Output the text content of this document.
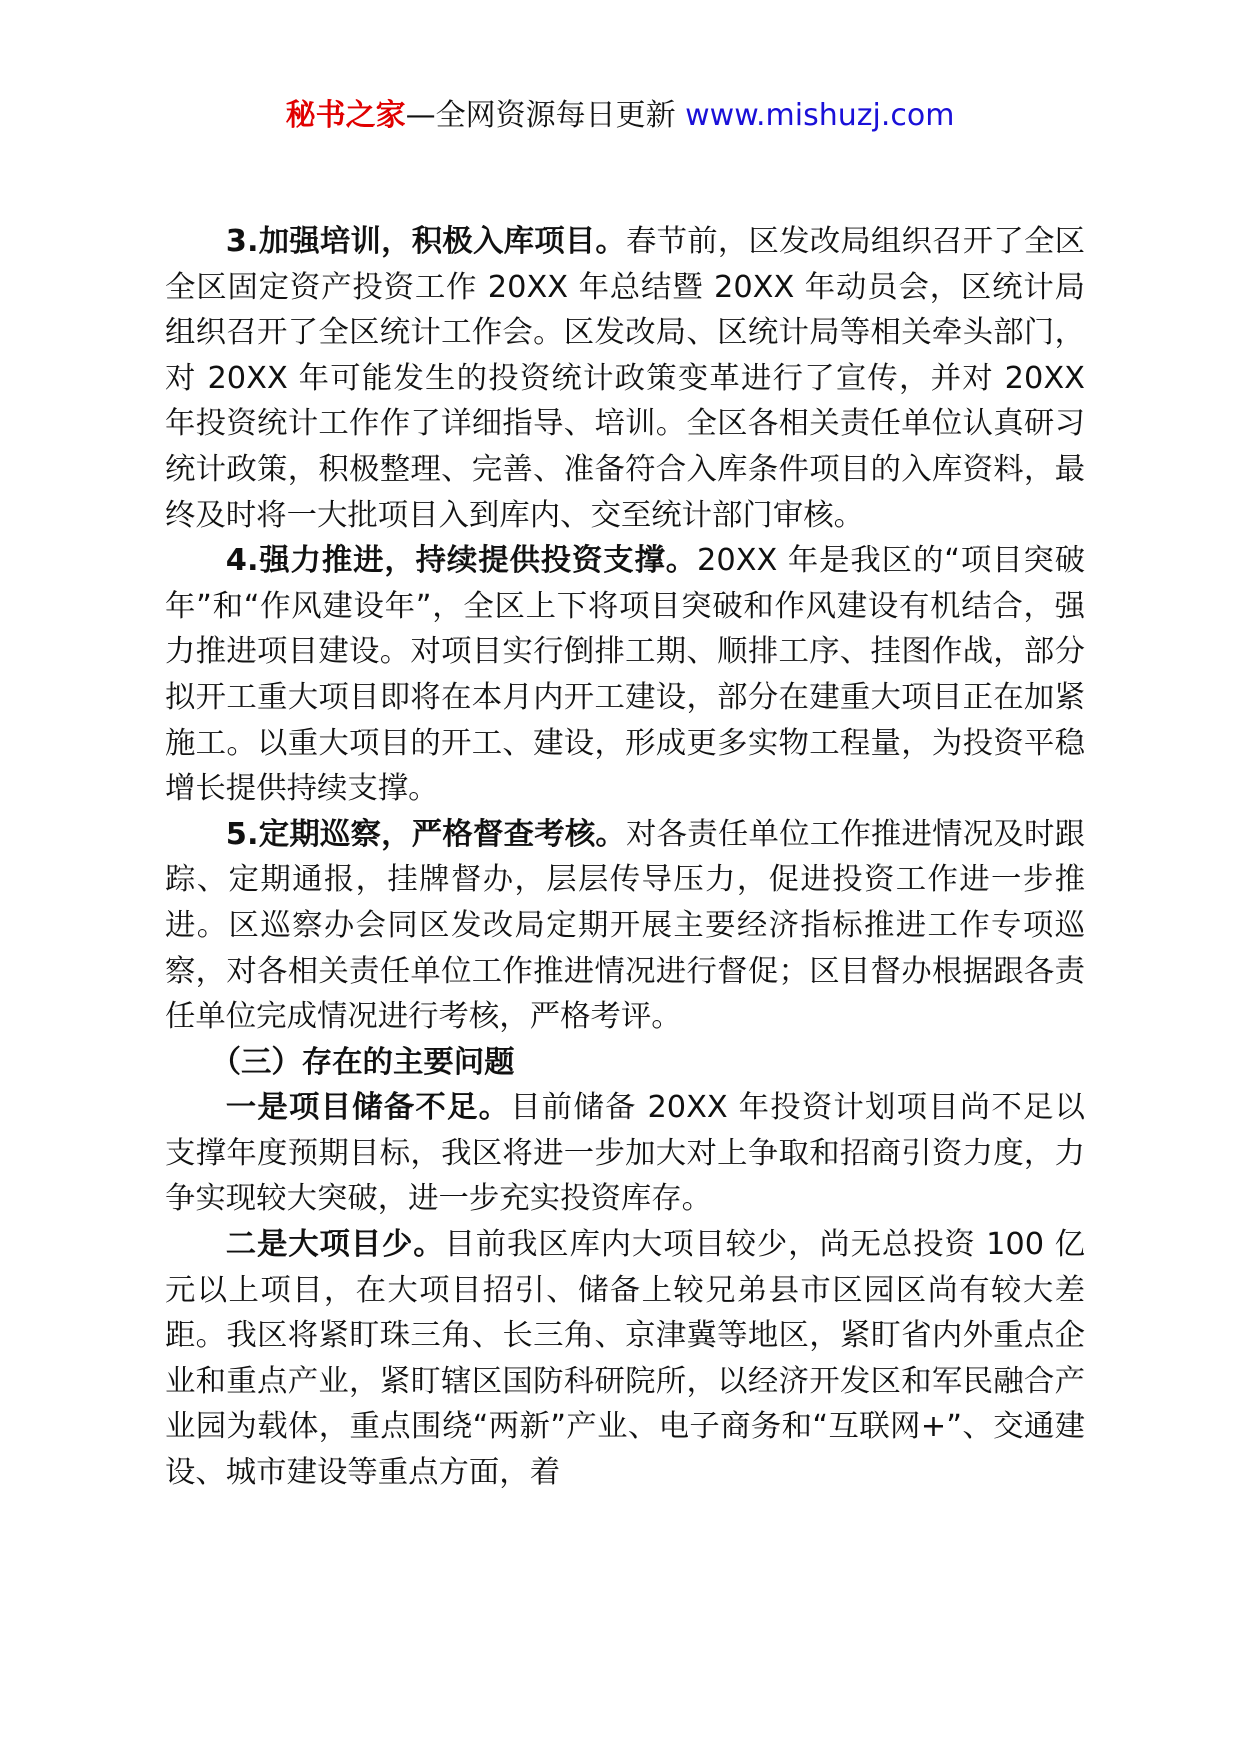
秘书之家—全网资源每日更新 www.mishuzj.com

3.加强培训，积极入库项目。春节前，区发改局组织召开了全区全区固定资产投资工作 20XX 年总结暨 20XX 年动员会，区统计局组织召开了全区统计工作会。区发改局、区统计局等相关牵头部门，对 20XX 年可能发生的投资统计政策变革进行了宣传，并对 20XX 年投资统计工作作了详细指导、培训。全区各相关责任单位认真研习统计政策，积极整理、完善、准备符合入库条件项目的入库资料，最终及时将一大批项目入到库内、交至统计部门审核。

4.强力推进，持续提供投资支撑。20XX 年是我区的“项目突破年”和“作风建设年”，全区上下将项目突破和作风建设有机结合，强力推进项目建设。对项目实行倒排工期、顺排工序、挂图作战，部分拟开工重大项目即将在本月内开工建设，部分在建重大项目正在加紧施工。以重大项目的开工、建设，形成更多实物工程量，为投资平稳增长提供持续支撑。

5.定期巡察，严格督查考核。对各责任单位工作推进情况及时跟踪、定期通报，挂牌督办，层层传导压力，促进投资工作进一步推进。区巡察办会同区发改局定期开展主要经济指标推进工作专项巡察，对各相关责任单位工作推进情况进行督促；区目督办根据跟各责任单位完成情况进行考核，严格考评。

（三）存在的主要问题

一是项目储备不足。目前储备 20XX 年投资计划项目尚不足以支撑年度预期目标，我区将进一步加大对上争取和招商引资力度，力争实现较大突破，进一步充实投资库存。

二是大项目少。目前我区库内大项目较少，尚无总投资 100 亿元以上项目，在大项目招引、储备上较兄弟县市区园区尚有较大差距。我区将紧盯珠三角、长三角、京津冀等地区，紧盯省内外重点企业和重点产业，紧盯辖区国防科研院所，以经济开发区和军民融合产业园为载体，重点围绕“两新”产业、电子商务和“互联网+”、交通建设、城市建设等重点方面，着
